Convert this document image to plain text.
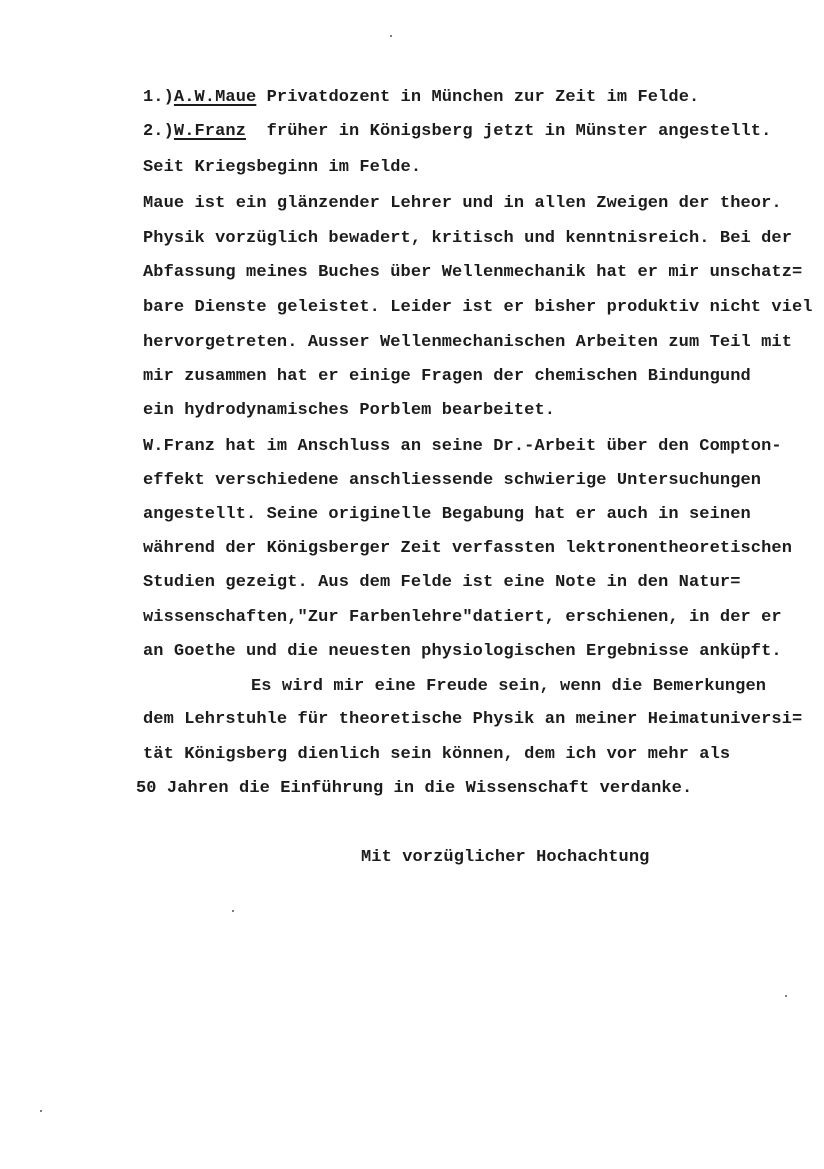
1.)A.W.Maue Privatdozent in München zur Zeit im Felde.
2.)W.Franz  früher in Königsberg jetzt in Münster angestellt.
Seit Kriegsbeginn im Felde.
Maue ist ein glänzender Lehrer und in allen Zweigen der theor.
Physik vorzüglich bewadert, kritisch und kenntnisreich. Bei der
Abfassung meines Buches über Wellenmechanik hat er mir unschatz=
bare Dienste geleistet. Leider ist er bisher produktiv nicht viel
hervorgetreten. Ausser Wellenmechanischen Arbeiten zum Teil mit
mir zusammen hat er einige Fragen der chemischen Bindungund
ein hydrodynamisches Porblem bearbeitet.
W.Franz hat im Anschluss an seine Dr.-Arbeit über den Compton-
effekt verschiedene anschliessende schwierige Untersuchungen
angestellt. Seine originelle Begabung hat er auch in seinen
während der Königsberger Zeit verfassten lektronentheoretischen
Studien gezeigt. Aus dem Felde ist eine Note in den Natur=
wissenschaften,"Zur Farbenlehre"datiert, erschienen, in der er
an Goethe und die neuesten physiologischen Ergebnisse anküpft.
Es wird mir eine Freude sein, wenn die Bemerkungen
dem Lehrstuhle für theoretische Physik an meiner Heimatuniversi=
tät Königsberg dienlich sein können, dem ich vor mehr als
50 Jahren die Einführung in die Wissenschaft verdanke.
Mit vorzüglicher Hochachtung
